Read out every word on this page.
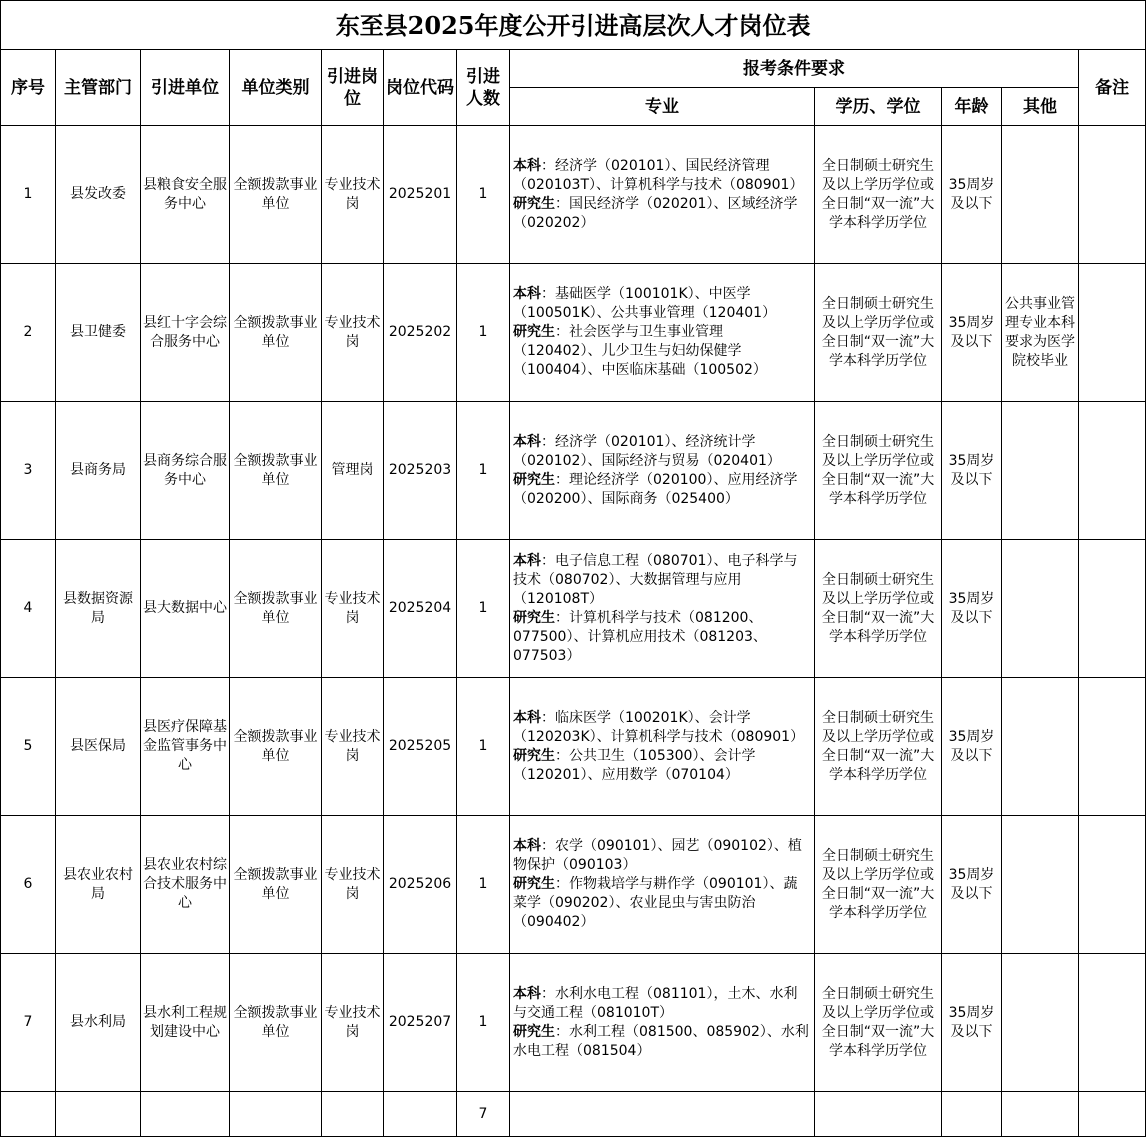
东至县2025年度公开引进高层次人才岗位表											
序号	主管部门	引进单位	单位类别	引进岗位	岗位代码	引进人数	报考条件要求				备注
							专业	学历、学位	年龄	其他	
1	县发改委	县粮食安全服务中心	全额拨款事业单位	专业技术岗	2025201	1	本科：经济学（020101）、国民经济管理（020103T）、计算机科学与技术（080901）
研究生：国民经济学（020201）、区域经济学（020202）	全日制硕士研究生及以上学历学位或全日制“双一流”大学本科学历学位	35周岁及以下		
2	县卫健委	县红十字会综合服务中心	全额拨款事业单位	专业技术岗	2025202	1	本科：基础医学（100101K）、中医学（100501K）、公共事业管理（120401）
研究生：社会医学与卫生事业管理（120402）、儿少卫生与妇幼保健学（100404）、中医临床基础（100502）	全日制硕士研究生及以上学历学位或全日制“双一流”大学本科学历学位	35周岁及以下	公共事业管理专业本科要求为医学院校毕业	
3	县商务局	县商务综合服务中心	全额拨款事业单位	管理岗	2025203	1	本科：经济学（020101）、经济统计学（020102）、国际经济与贸易（020401）
研究生：理论经济学（020100）、应用经济学（020200）、国际商务（025400）	全日制硕士研究生及以上学历学位或全日制“双一流”大学本科学历学位	35周岁及以下		
4	县数据资源局	县大数据中心	全额拨款事业单位	专业技术岗	2025204	1	本科：电子信息工程（080701）、电子科学与技术（080702）、大数据管理与应用（120108T）
研究生：计算机科学与技术（081200、077500）、计算机应用技术（081203、077503）	全日制硕士研究生及以上学历学位或全日制“双一流”大学本科学历学位	35周岁及以下		
5	县医保局	县医疗保障基金监管事务中心	全额拨款事业单位	专业技术岗	2025205	1	本科：临床医学（100201K）、会计学（120203K）、计算机科学与技术（080901）
研究生：公共卫生（105300）、会计学（120201）、应用数学（070104）	全日制硕士研究生及以上学历学位或全日制“双一流”大学本科学历学位	35周岁及以下		
6	县农业农村局	县农业农村综合技术服务中心	全额拨款事业单位	专业技术岗	2025206	1	本科：农学（090101）、园艺（090102）、植物保护（090103）
研究生：作物栽培学与耕作学（090101）、蔬菜学（090202）、农业昆虫与害虫防治（090402）	全日制硕士研究生及以上学历学位或全日制“双一流”大学本科学历学位	35周岁及以下		
7	县水利局	县水利工程规划建设中心	全额拨款事业单位	专业技术岗	2025207	1	本科：水利水电工程（081101），土木、水利与交通工程（081010T）
研究生：水利工程（081500、085902）、水利水电工程（081504）	全日制硕士研究生及以上学历学位或全日制“双一流”大学本科学历学位	35周岁及以下		
						7					
